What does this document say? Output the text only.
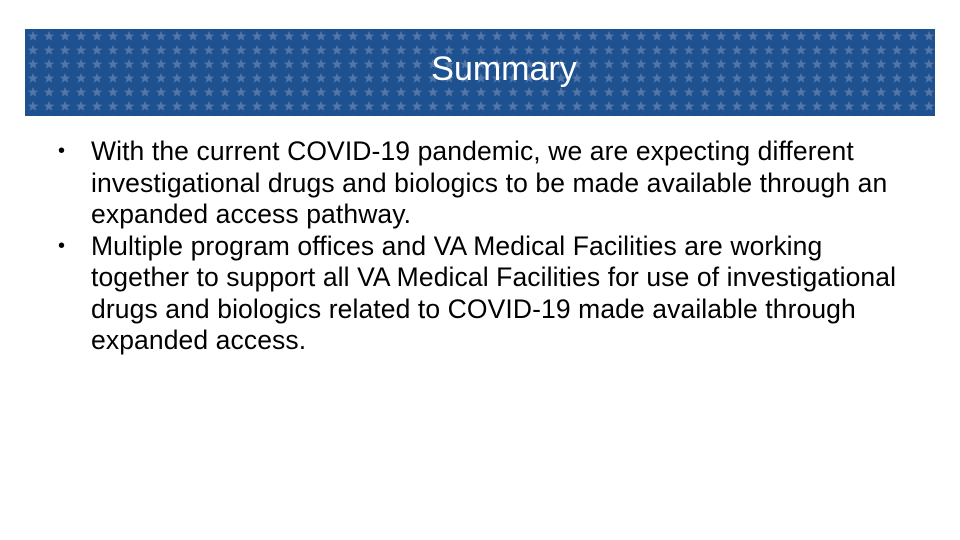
Summary
• With the current COVID-19 pandemic, we are expecting different investigational drugs and biologics to be made available through an expanded access pathway.
• Multiple program offices and VA Medical Facilities are working together to support all VA Medical Facilities for use of investigational drugs and biologics related to COVID-19 made available through expanded access.
